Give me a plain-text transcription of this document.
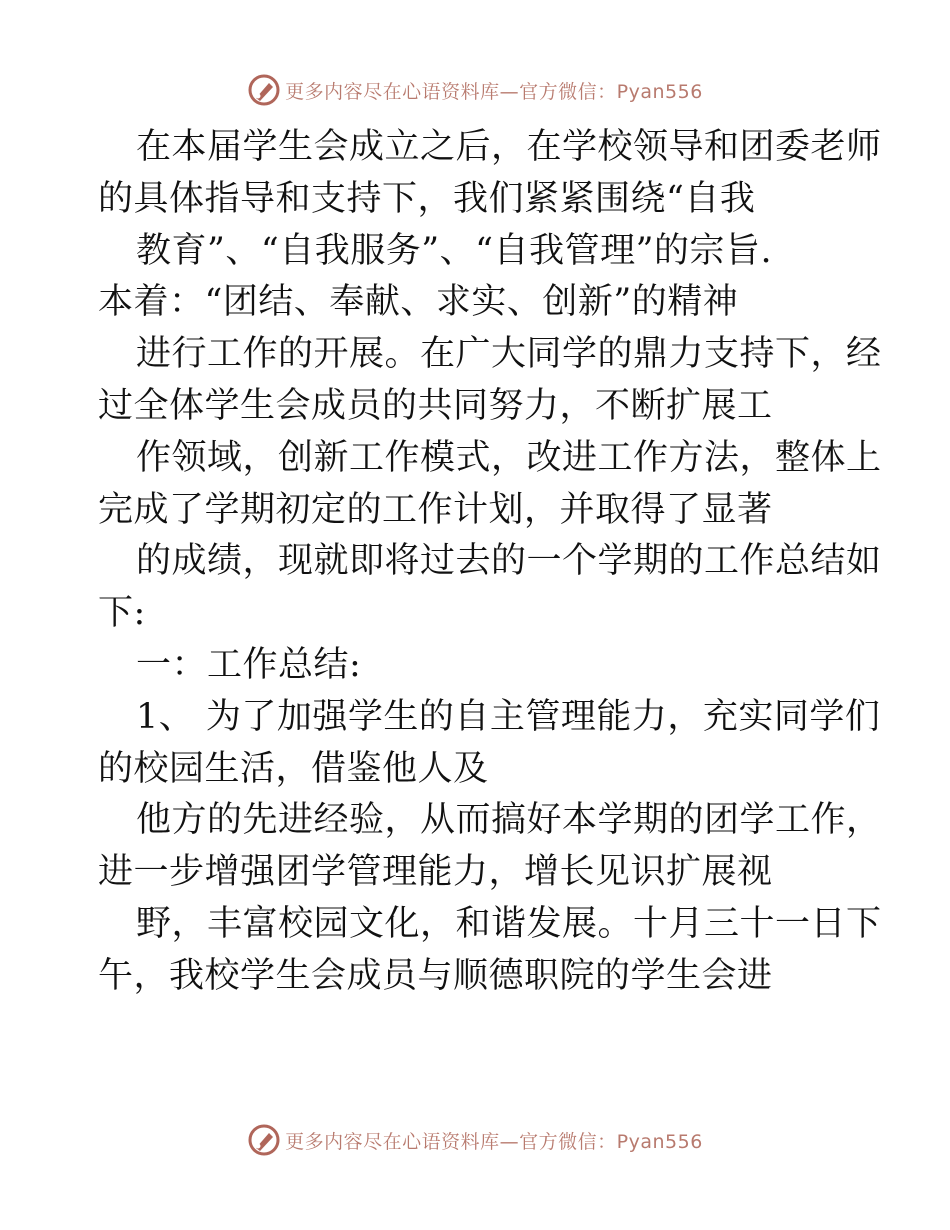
更多内容尽在心语资料库—官方微信：Pyan556
在本届学生会成立之后，在学校领导和团委老师
的具体指导和支持下，我们紧紧围绕“自我
教育”、“自我服务”、“自我管理”的宗旨.
本着：“团结、奉献、求实、创新”的精神
进行工作的开展。在广大同学的鼎力支持下，经
过全体学生会成员的共同努力，不断扩展工
作领域，创新工作模式，改进工作方法，整体上
完成了学期初定的工作计划，并取得了显著
的成绩，现就即将过去的一个学期的工作总结如
下:
一：工作总结:
1、 为了加强学生的自主管理能力，充实同学们
的校园生活，借鉴他人及
他方的先进经验，从而搞好本学期的团学工作，
进一步增强团学管理能力，增长见识扩展视
野，丰富校园文化，和谐发展。十月三十一日下
午，我校学生会成员与顺德职院的学生会进
更多内容尽在心语资料库—官方微信：Pyan556
